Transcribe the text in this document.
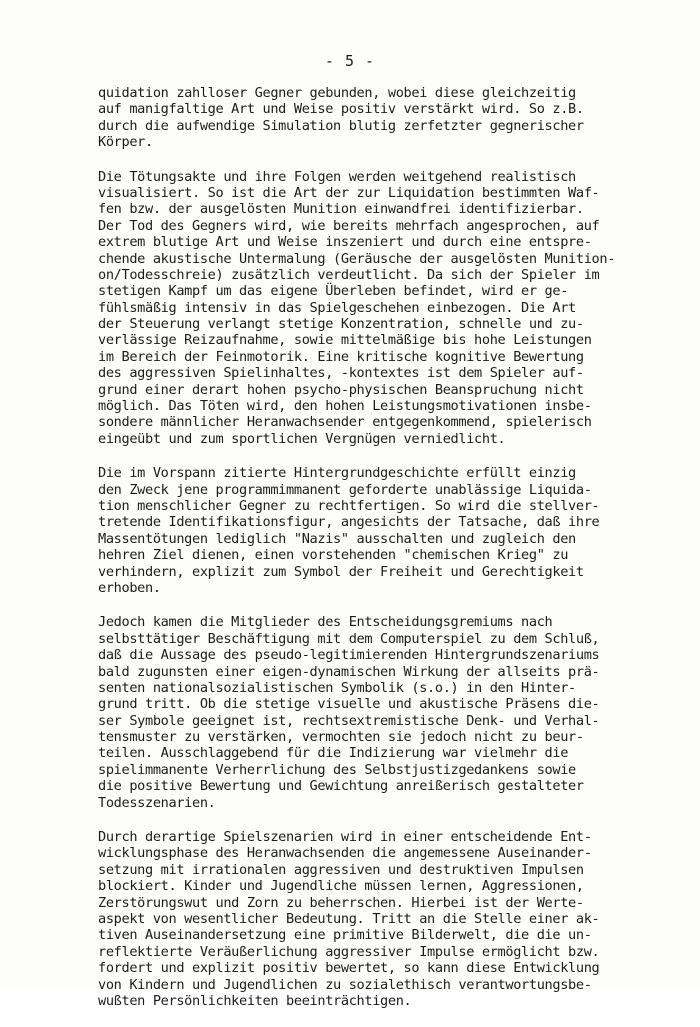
- 5 -
quidation zahlloser Gegner gebunden, wobei diese gleichzeitig
auf manigfaltige Art und Weise positiv verstärkt wird. So z.B.
durch die aufwendige Simulation blutig zerfetzter gegnerischer
Körper.
Die Tötungsakte und ihre Folgen werden weitgehend realistisch
visualisiert. So ist die Art der zur Liquidation bestimmten Waf-
fen bzw. der ausgelösten Munition einwandfrei identifizierbar.
Der Tod des Gegners wird, wie bereits mehrfach angesprochen, auf
extrem blutige Art und Weise inszeniert und durch eine entspre-
chende akustische Untermalung (Geräusche der ausgelösten Munition-
on/Todesschreie) zusätzlich verdeutlicht. Da sich der Spieler im
stetigen Kampf um das eigene Überleben befindet, wird er ge-
fühlsmäßig intensiv in das Spielgeschehen einbezogen. Die Art
der Steuerung verlangt stetige Konzentration, schnelle und zu-
verlässige Reizaufnahme, sowie mittelmäßige bis hohe Leistungen
im Bereich der Feinmotorik. Eine kritische kognitive Bewertung
des aggressiven Spielinhaltes, -kontextes ist dem Spieler auf-
grund einer derart hohen psycho-physischen Beanspruchung nicht
möglich. Das Töten wird, den hohen Leistungsmotivationen insbe-
sondere männlicher Heranwachsender entgegenkommend, spielerisch
eingeübt und zum sportlichen Vergnügen verniedlicht.
Die im Vorspann zitierte Hintergrundgeschichte erfüllt einzig
den Zweck jene programmimmanent geforderte unablässige Liquida-
tion menschlicher Gegner zu rechtfertigen. So wird die stellver-
tretende Identifikationsfigur, angesichts der Tatsache, daß ihre
Massentötungen lediglich "Nazis" ausschalten und zugleich den
hehren Ziel dienen, einen vorstehenden "chemischen Krieg" zu
verhindern, explizit zum Symbol der Freiheit und Gerechtigkeit
erhoben.
Jedoch kamen die Mitglieder des Entscheidungsgremiums nach
selbsttätiger Beschäftigung mit dem Computerspiel zu dem Schluß,
daß die Aussage des pseudo-legitimierenden Hintergrundszenariums
bald zugunsten einer eigen-dynamischen Wirkung der allseits prä-
senten nationalsozialistischen Symbolik (s.o.) in den Hinter-
grund tritt. Ob die stetige visuelle und akustische Präsens die-
ser Symbole geeignet ist, rechtsextremistische Denk- und Verhal-
tensmuster zu verstärken, vermochten sie jedoch nicht zu beur-
teilen. Ausschlaggebend für die Indizierung war vielmehr die
spielimmanente Verherrlichung des Selbstjustizgedankens sowie
die positive Bewertung und Gewichtung anreißerisch gestalteter
Todesszenarien.
Durch derartige Spielszenarien wird in einer entscheidende Ent-
wicklungsphase des Heranwachsenden die angemessene Auseinander-
setzung mit irrationalen aggressiven und destruktiven Impulsen
blockiert. Kinder und Jugendliche müssen lernen, Aggressionen,
Zerstörungswut und Zorn zu beherrschen. Hierbei ist der Werte-
aspekt von wesentlicher Bedeutung. Tritt an die Stelle einer ak-
tiven Auseinandersetzung eine primitive Bilderwelt, die die un-
reflektierte Veräußerlichung aggressiver Impulse ermöglicht bzw.
fordert und explizit positiv bewertet, so kann diese Entwicklung
von Kindern und Jugendlichen zu sozialethisch verantwortungsbe-
wußten Persönlichkeiten beeinträchtigen.
